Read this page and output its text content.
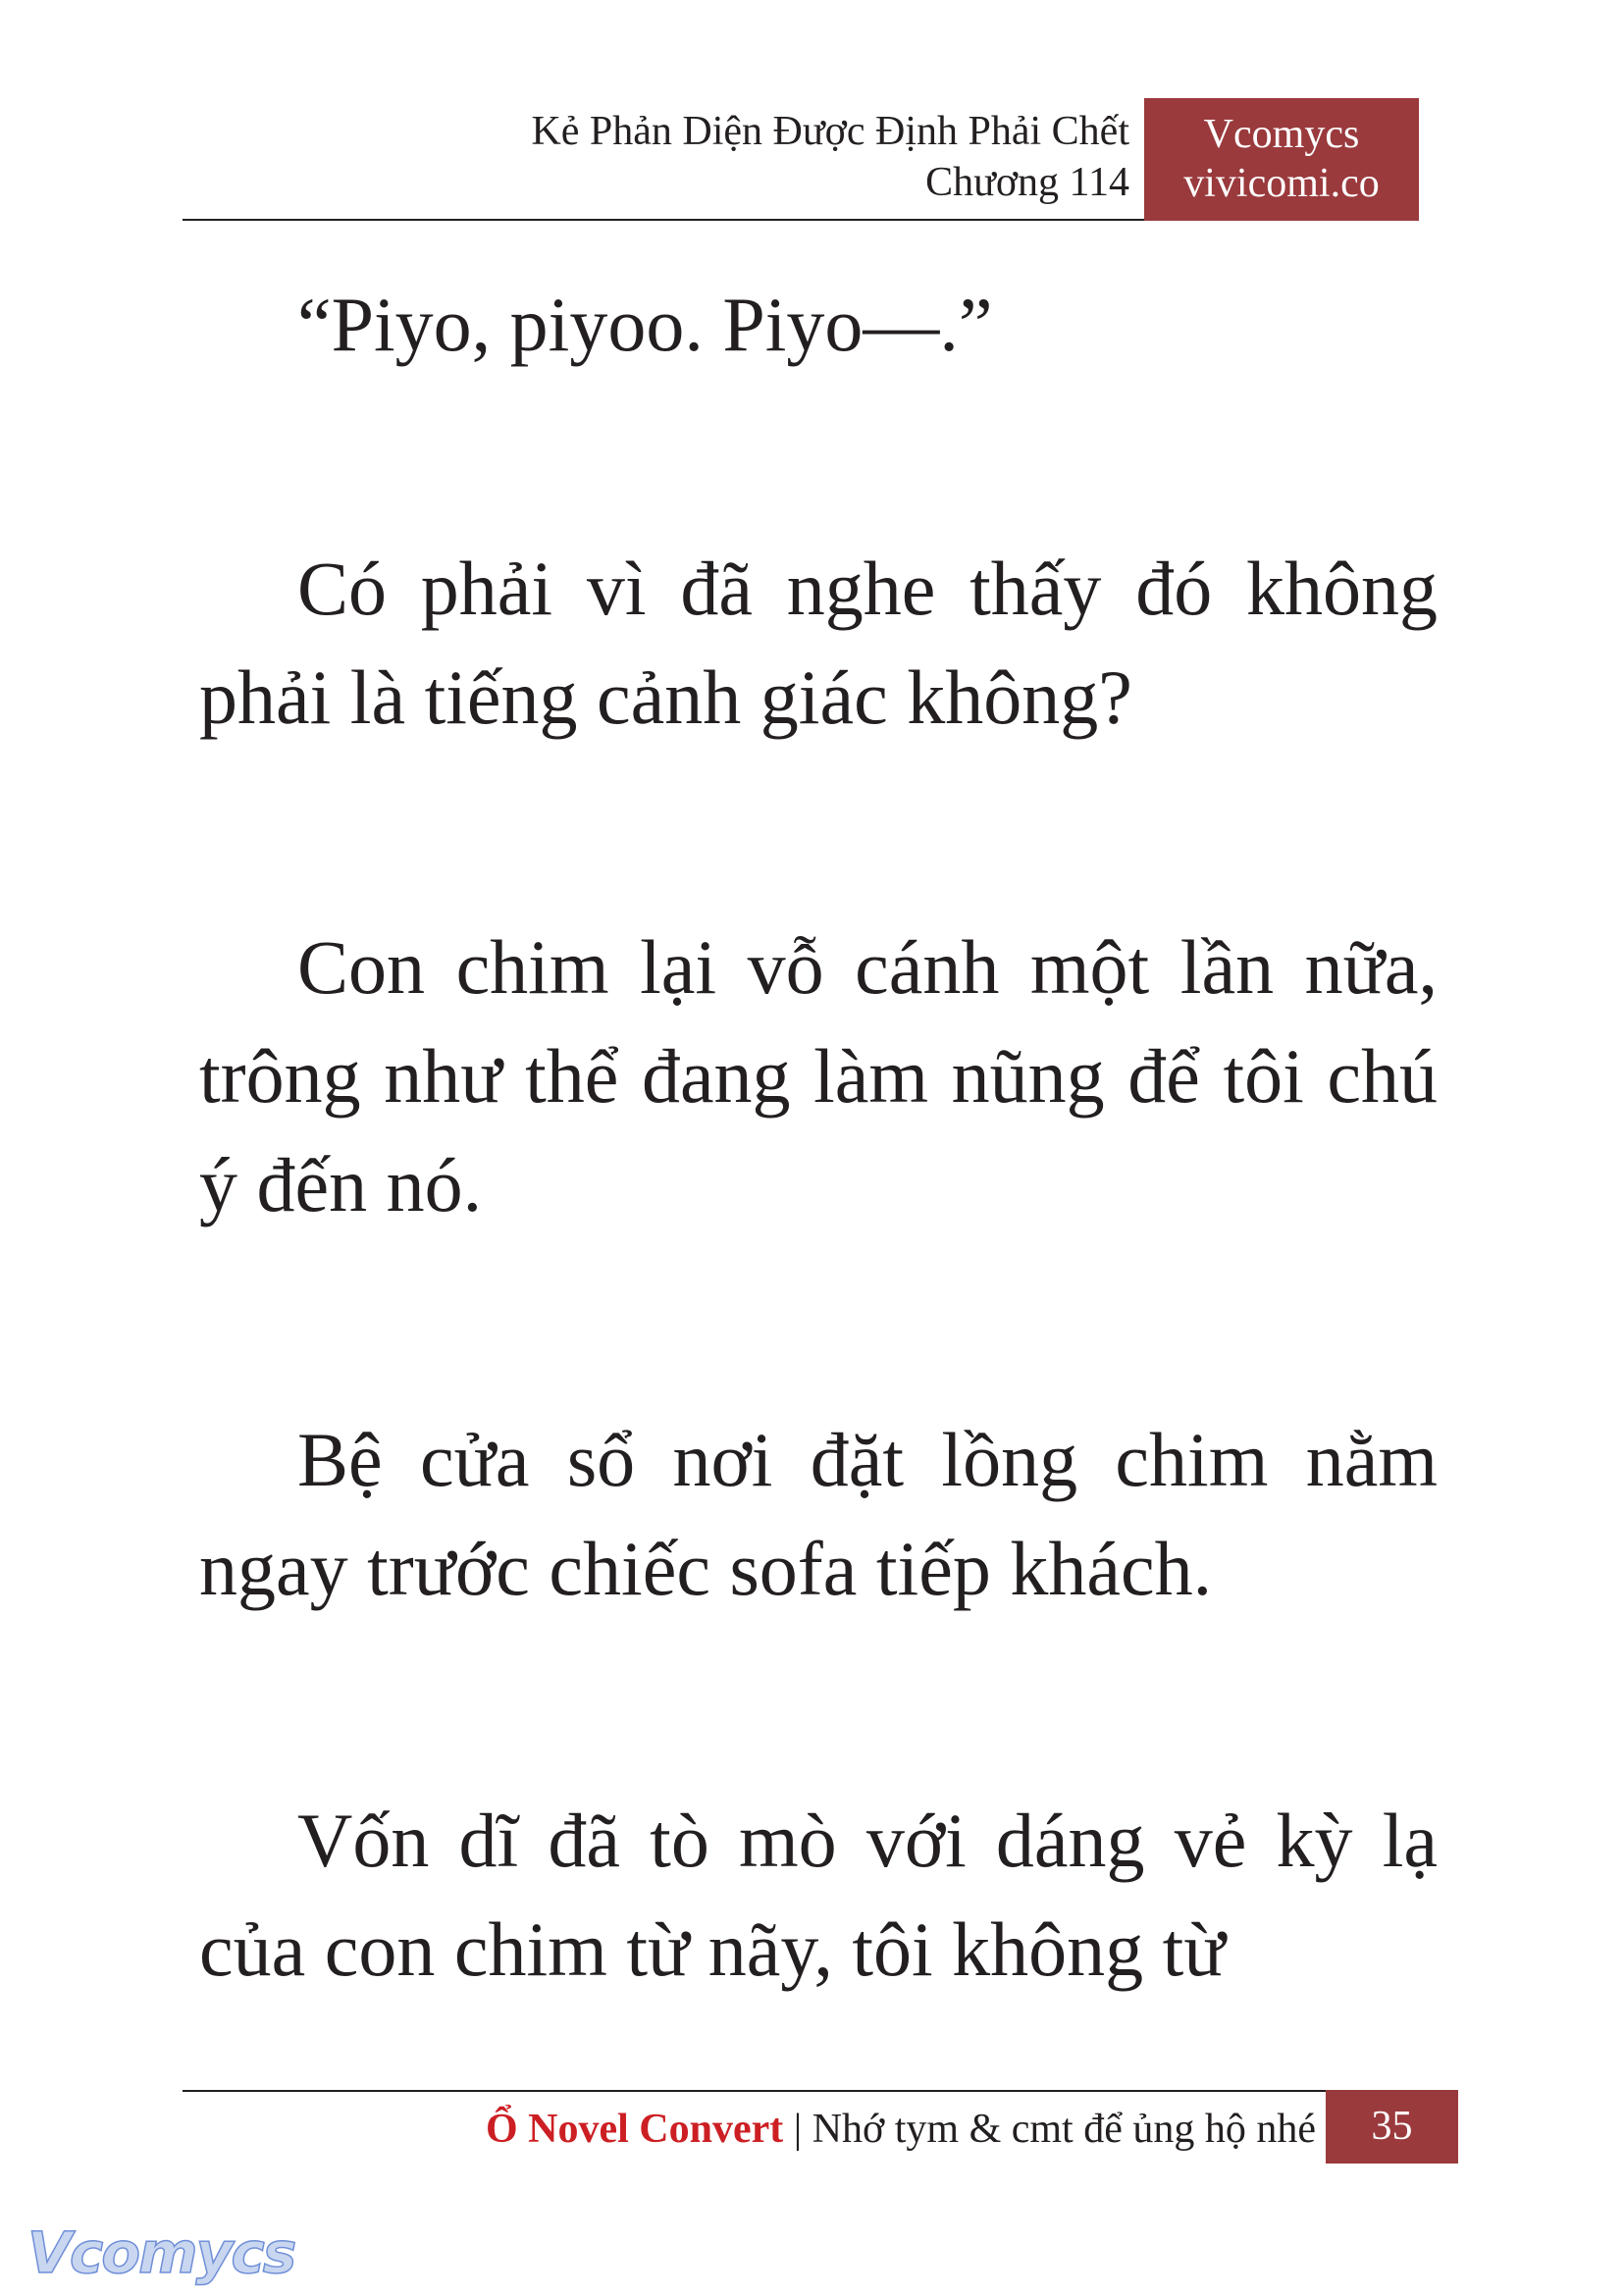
Kẻ Phản Diện Được Định Phải Chết
Chương 114
Vcomycs
vivicomi.co

“Piyo, piyoo. Piyo—.”

Có phải vì đã nghe thấy đó không phải là tiếng cảnh giác không?

Con chim lại vỗ cánh một lần nữa, trông như thể đang làm nũng để tôi chú ý đến nó.

Bệ cửa sổ nơi đặt lồng chim nằm ngay trước chiếc sofa tiếp khách.

Vốn dĩ đã tò mò với dáng vẻ kỳ lạ của con chim từ nãy, tôi không từ

Ổ Novel Convert | Nhớ tym & cmt để ủng hộ nhé	35
Vcomycs
